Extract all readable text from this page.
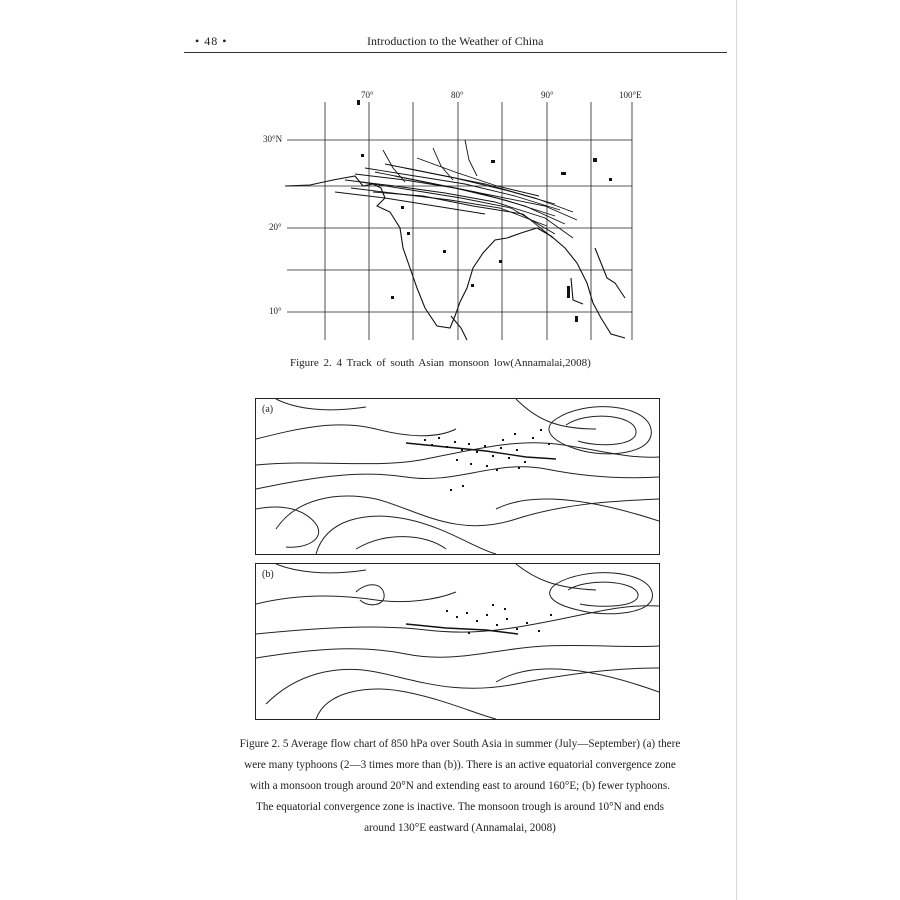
• 48 •	Introduction to the Weather of China
70°	80°	90°	100°E
30°N
20°
10°
Figure 2. 4 Track of south Asian monsoon low(Annamalai,2008)
(a)
(b)
Figure 2. 5 Average flow chart of 850 hPa over South Asia in summer (July—September) (a) there
were many typhoons (2—3 times more than (b)). There is an active equatorial convergence zone
with a monsoon trough around 20°N and extending east to around 160°E; (b) fewer typhoons.
The equatorial convergence zone is inactive. The monsoon trough is around 10°N and ends
around 130°E eastward (Annamalai, 2008)
